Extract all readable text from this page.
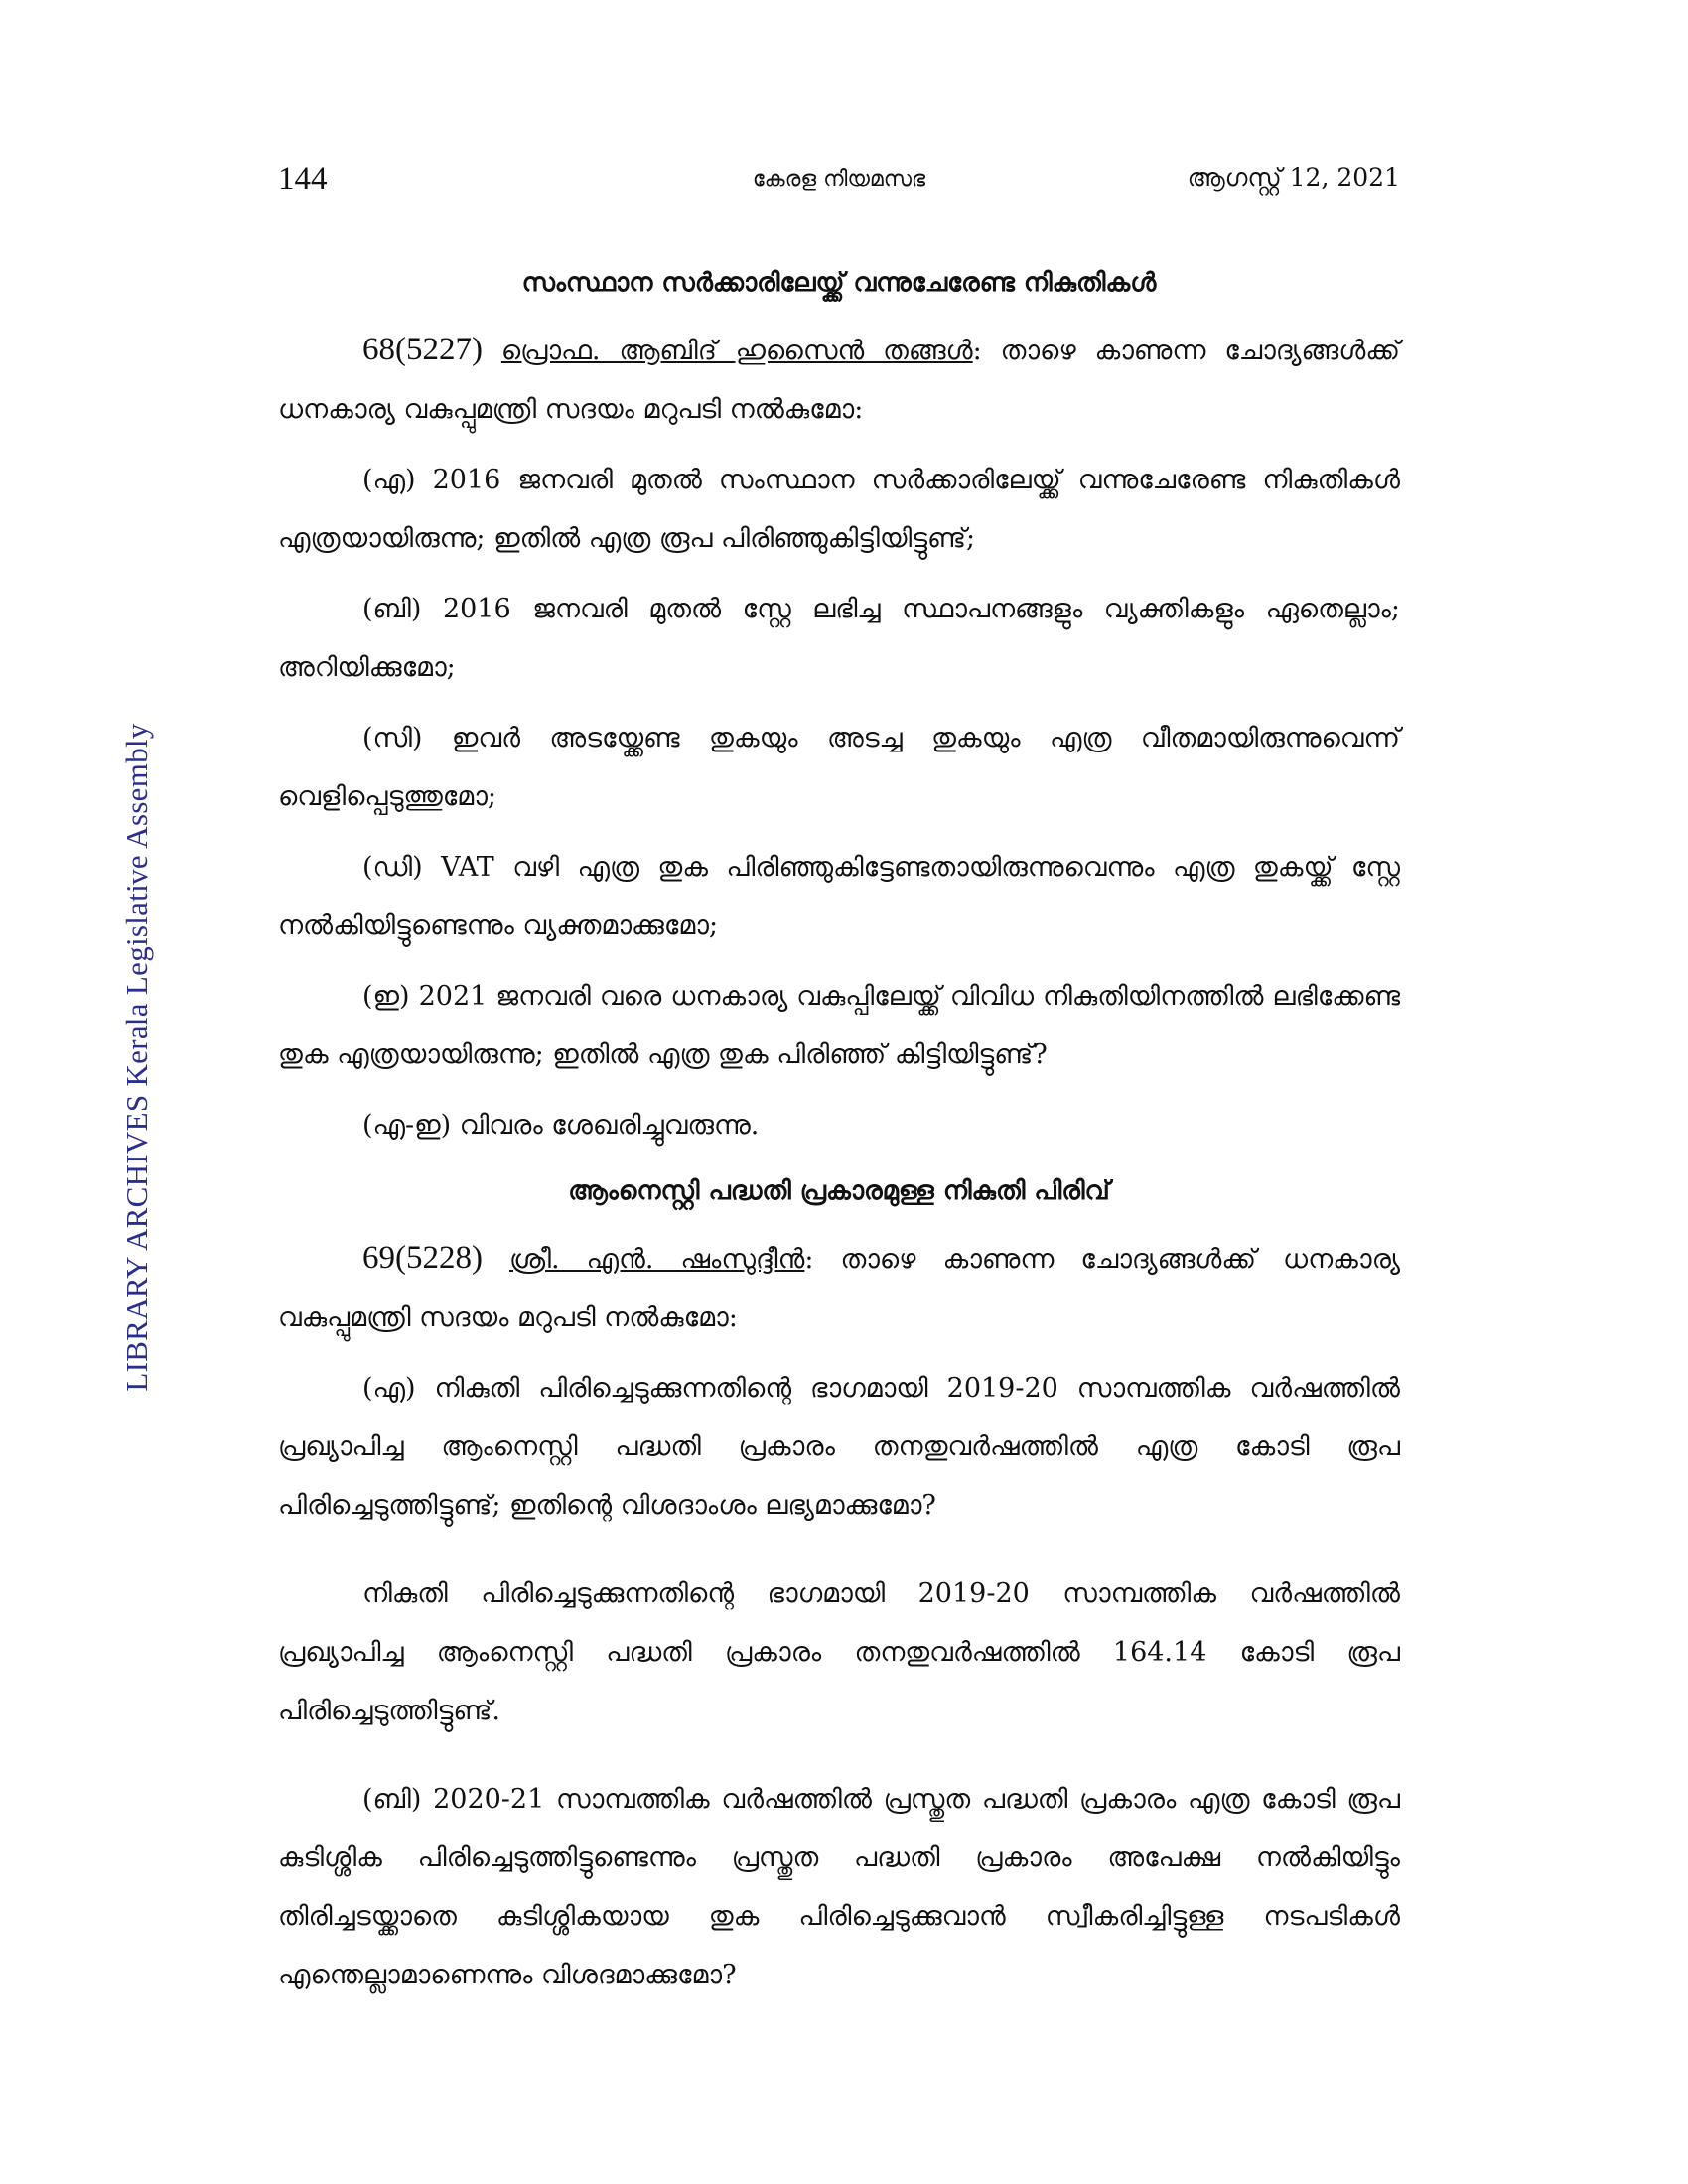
LIBRARY ARCHIVES Kerala Legislative Assembly
144	കേരള നിയമസഭ	ആഗസ്റ്റ് 12, 2021
സംസ്ഥാന സർക്കാരിലേയ്ക്ക് വന്നുചേരേണ്ട നികുതികൾ

68(5227) പ്രൊഫ. ആബിദ് ഹുസൈൻ തങ്ങൾ: താഴെ കാണുന്ന ചോദ്യങ്ങൾക്ക് ധനകാര്യ വകുപ്പുമന്ത്രി സദയം മറുപടി നൽകുമോ:

(എ) 2016 ജനവരി മുതൽ സംസ്ഥാന സർക്കാരിലേയ്ക്ക് വന്നുചേരേണ്ട നികുതികൾ എത്രയായിരുന്നു; ഇതിൽ എത്ര രൂപ പിരിഞ്ഞുകിട്ടിയിട്ടുണ്ട്;

(ബി) 2016 ജനവരി മുതൽ സ്റ്റേ ലഭിച്ച സ്ഥാപനങ്ങളും വ്യക്തികളും ഏതെല്ലാം; അറിയിക്കുമോ;

(സി) ഇവർ അടയ്ക്കേണ്ട തുകയും അടച്ച തുകയും എത്ര വീതമായിരുന്നുവെന്ന് വെളിപ്പെടുത്തുമോ;

(ഡി) VAT വഴി എത്ര തുക പിരിഞ്ഞുകിട്ടേണ്ടതായിരുന്നുവെന്നും എത്ര തുകയ്ക്ക് സ്റ്റേ നൽകിയിട്ടുണ്ടെന്നും വ്യക്തമാക്കുമോ;

(ഇ) 2021 ജനവരി വരെ ധനകാര്യ വകുപ്പിലേയ്ക്ക് വിവിധ നികുതിയിനത്തിൽ ലഭിക്കേണ്ട തുക എത്രയായിരുന്നു; ഇതിൽ എത്ര തുക പിരിഞ്ഞ് കിട്ടിയിട്ടുണ്ട്?

(എ-ഇ) വിവരം ശേഖരിച്ചുവരുന്നു.

ആംനെസ്റ്റി പദ്ധതി പ്രകാരമുള്ള നികുതി പിരിവ്

69(5228) ശ്രീ. എൻ. ഷംസുദ്ദീൻ: താഴെ കാണുന്ന ചോദ്യങ്ങൾക്ക് ധനകാര്യ വകുപ്പുമന്ത്രി സദയം മറുപടി നൽകുമോ:

(എ) നികുതി പിരിച്ചെടുക്കുന്നതിന്റെ ഭാഗമായി 2019-20 സാമ്പത്തിക വർഷത്തിൽ പ്രഖ്യാപിച്ച ആംനെസ്റ്റി പദ്ധതി പ്രകാരം തനതുവർഷത്തിൽ എത്ര കോടി രൂപ പിരിച്ചെടുത്തിട്ടുണ്ട്; ഇതിന്റെ വിശദാംശം ലഭ്യമാക്കുമോ?

നികുതി പിരിച്ചെടുക്കുന്നതിന്റെ ഭാഗമായി 2019-20 സാമ്പത്തിക വർഷത്തിൽ പ്രഖ്യാപിച്ച ആംനെസ്റ്റി പദ്ധതി പ്രകാരം തനതുവർഷത്തിൽ 164.14 കോടി രൂപ പിരിച്ചെടുത്തിട്ടുണ്ട്.

(ബി) 2020-21 സാമ്പത്തിക വർഷത്തിൽ പ്രസ്തുത പദ്ധതി പ്രകാരം എത്ര കോടി രൂപ കുടിശ്ശിക പിരിച്ചെടുത്തിട്ടുണ്ടെന്നും പ്രസ്തുത പദ്ധതി പ്രകാരം അപേക്ഷ നൽകിയിട്ടും തിരിച്ചടയ്ക്കാതെ കുടിശ്ശികയായ തുക പിരിച്ചെടുക്കുവാൻ സ്വീകരിച്ചിട്ടുള്ള നടപടികൾ എന്തെല്ലാമാണെന്നും വിശദമാക്കുമോ?
